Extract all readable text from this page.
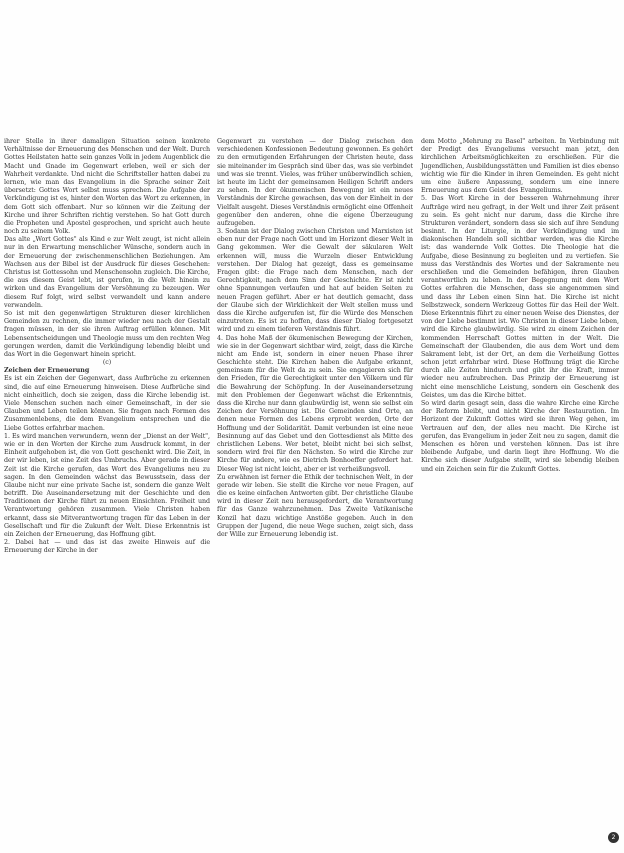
ihrer Stelle in ihrer damaligen Situation seinen konkrete Verhältnisse der Erneuerung des Menschen und der Welt. Durch Gottes Heilstaten hatte sein ganzes Volk in jedem Augenblick die Macht und Gnade im Gegenwart erleben, weil er sich der Wahrheit verdankte. Und nicht die Schriftsteller hatten dabei zu lernen, wie man das Evangelium in die Sprache seiner Zeit übersetzt: Gottes Wort selbst muss sprechen. Die Aufgabe der Verkündigung ist es, hinter den Worten das Wort zu erkennen, in dem Gott sich offenbart. Nur so können wir die Zeitung der Kirche und ihrer Schriften richtig verstehen. So hat Gott durch die Propheten und Apostel gesprochen, und spricht auch heute noch zu seinem Volk.

Das alte „Wort Gottes" als Kind e zur Welt zeugt, ist nicht allein nur in den Erwartung menschlicher Wünsche, sondern auch in der Erneuerung der zwischenmenschlichen Beziehungen. Am Wachsen aus der Bibel ist der Ausdruck für dieses Geschehen: Christus ist Gottessohn und Menschensohn zugleich. Die Kirche, die aus diesem Geist lebt, ist gerufen, in die Welt hinein zu wirken und das Evangelium der Versöhnung zu bezeugen. Wer diesem Ruf folgt, wird selbst verwandelt und kann andere verwandeln.

So ist mit den gegenwärtigen Strukturen dieser kirchlichen Gemeinden zu rechnen, die immer wieder neu nach der Gestalt fragen müssen, in der sie ihren Auftrag erfüllen können. Mit Lebensentscheidungen und Theologie muss um den rechten Weg gerungen werden, damit die Verkündigung lebendig bleibt und das Wort in die Gegenwart hinein spricht.

(c)

Zeichen der Erneuerung

Es ist ein Zeichen der Gegenwart, dass Aufbrüche zu erkennen sind, die auf eine Erneuerung hinweisen. Diese Aufbrüche sind nicht einheitlich, doch sie zeigen, dass die Kirche lebendig ist. Viele Menschen suchen nach einer Gemeinschaft, in der sie Glauben und Leben teilen können. Sie fragen nach Formen des Zusammenlebens, die dem Evangelium entsprechen und die Liebe Gottes erfahrbar machen.

1. Es wird manchen verwundern, wenn der „Dienst an der Welt", wie er in den Worten der Kirche zum Ausdruck kommt, in der Einheit aufgehoben ist, die von Gott geschenkt wird. Die Zeit, in der wir leben, ist eine Zeit des Umbruchs. Aber gerade in dieser Zeit ist die Kirche gerufen, das Wort des Evangeliums neu zu sagen. In den Gemeinden wächst das Bewusstsein, dass der Glaube nicht nur eine private Sache ist, sondern die ganze Welt betrifft. Die Auseinandersetzung mit der Geschichte und den Traditionen der Kirche führt zu neuen Einsichten. Freiheit und Verantwortung gehören zusammen. Viele Christen haben erkannt, dass sie Mitverantwortung tragen für das Leben in der Gesellschaft und für die Zukunft der Welt. Diese Erkenntnis ist ein Zeichen der Erneuerung, das Hoffnung gibt.

2. Dabei hat — und das ist das zweite Hinweis auf die Erneuerung der Kirche in der

Gegenwart zu verstehen — der Dialog zwischen den verschiedenen Konfessionen Bedeutung gewonnen. Es gehört zu den ermutigenden Erfahrungen der Christen heute, dass sie miteinander im Gespräch sind über das, was sie verbindet und was sie trennt. Vieles, was früher unüberwindlich schien, ist heute im Licht der gemeinsamen Heiligen Schrift anders zu sehen. In der ökumenischen Bewegung ist ein neues Verständnis der Kirche gewachsen, das von der Einheit in der Vielfalt ausgeht. Dieses Verständnis ermöglicht eine Offenheit gegenüber den anderen, ohne die eigene Überzeugung aufzugeben.

3. Sodann ist der Dialog zwischen Christen und Marxisten ist eben nur der Frage nach Gott und im Horizont dieser Welt in Gang gekommen. Wer die Gewalt der säkularen Welt erkennen will, muss die Wurzeln dieser Entwicklung verstehen. Der Dialog hat gezeigt, dass es gemeinsame Fragen gibt: die Frage nach dem Menschen, nach der Gerechtigkeit, nach dem Sinn der Geschichte. Er ist nicht ohne Spannungen verlaufen und hat auf beiden Seiten zu neuen Fragen geführt. Aber er hat deutlich gemacht, dass der Glaube sich der Wirklichkeit der Welt stellen muss und dass die Kirche aufgerufen ist, für die Würde des Menschen einzutreten. Es ist zu hoffen, dass dieser Dialog fortgesetzt wird und zu einem tieferen Verständnis führt.

4. Das hohe Maß der ökumenischen Bewegung der Kirchen, wie sie in der Gegenwart sichtbar wird, zeigt, dass die Kirche nicht am Ende ist, sondern in einer neuen Phase ihrer Geschichte steht. Die Kirchen haben die Aufgabe erkannt, gemeinsam für die Welt da zu sein. Sie engagieren sich für den Frieden, für die Gerechtigkeit unter den Völkern und für die Bewahrung der Schöpfung. In der Auseinandersetzung mit den Problemen der Gegenwart wächst die Erkenntnis, dass die Kirche nur dann glaubwürdig ist, wenn sie selbst ein Zeichen der Versöhnung ist. Die Gemeinden sind Orte, an denen neue Formen des Lebens erprobt werden, Orte der Hoffnung und der Solidarität. Damit verbunden ist eine neue Besinnung auf das Gebet und den Gottesdienst als Mitte des christlichen Lebens. Wer betet, bleibt nicht bei sich selbst, sondern wird frei für den Nächsten. So wird die Kirche zur Kirche für andere, wie es Dietrich Bonhoeffer gefordert hat. Dieser Weg ist nicht leicht, aber er ist verheißungsvoll.

Zu erwähnen ist ferner die Ethik der technischen Welt, in der gerade wir leben. Sie stellt die Kirche vor neue Fragen, auf die es keine einfachen Antworten gibt. Der christliche Glaube wird in dieser Zeit neu herausgefordert, die Verantwortung für das Ganze wahrzunehmen. Das Zweite Vatikanische Konzil hat dazu wichtige Anstöße gegeben. Auch in den Gruppen der Jugend, die neue Wege suchen, zeigt sich, dass der Wille zur Erneuerung lebendig ist.

dem Motto „Mehrung zu Basel" arbeiten. In Verbindung mit der Predigt des Evangeliums versucht man jetzt, den kirchlichen Arbeitsmöglichkeiten zu erschließen. Für die Jugendlichen, Ausbildungsstätten und Familien ist dies ebenso wichtig wie für die Kinder in ihren Gemeinden. Es geht nicht um eine äußere Anpassung, sondern um eine innere Erneuerung aus dem Geist des Evangeliums.

5. Das Wort Kirche in der besseren Wahrnehmung ihrer Aufträge wird neu gefragt, in der Welt und ihrer Zeit präsent zu sein. Es geht nicht nur darum, dass die Kirche ihre Strukturen verändert, sondern dass sie sich auf ihre Sendung besinnt. In der Liturgie, in der Verkündigung und im diakonischen Handeln soll sichtbar werden, was die Kirche ist: das wandernde Volk Gottes. Die Theologie hat die Aufgabe, diese Besinnung zu begleiten und zu vertiefen. Sie muss das Verständnis des Wortes und der Sakramente neu erschließen und die Gemeinden befähigen, ihren Glauben verantwortlich zu leben. In der Begegnung mit dem Wort Gottes erfahren die Menschen, dass sie angenommen sind und dass ihr Leben einen Sinn hat. Die Kirche ist nicht Selbstzweck, sondern Werkzeug Gottes für das Heil der Welt. Diese Erkenntnis führt zu einer neuen Weise des Dienstes, der von der Liebe bestimmt ist. Wo Christen in dieser Liebe leben, wird die Kirche glaubwürdig. Sie wird zu einem Zeichen der kommenden Herrschaft Gottes mitten in der Welt. Die Gemeinschaft der Glaubenden, die aus dem Wort und dem Sakrament lebt, ist der Ort, an dem die Verheißung Gottes schon jetzt erfahrbar wird. Diese Hoffnung trägt die Kirche durch alle Zeiten hindurch und gibt ihr die Kraft, immer wieder neu aufzubrechen. Das Prinzip der Erneuerung ist nicht eine menschliche Leistung, sondern ein Geschenk des Geistes, um das die Kirche bittet.

So wird darin gesagt sein, dass die wahre Kirche eine Kirche der Reform bleibt, und nicht Kirche der Restauration. Im Horizont der Zukunft Gottes wird sie ihren Weg gehen, im Vertrauen auf den, der alles neu macht. Die Kirche ist gerufen, das Evangelium in jeder Zeit neu zu sagen, damit die Menschen es hören und verstehen können. Das ist ihre bleibende Aufgabe, und darin liegt ihre Hoffnung. Wo die Kirche sich dieser Aufgabe stellt, wird sie lebendig bleiben und ein Zeichen sein für die Zukunft Gottes.

2
